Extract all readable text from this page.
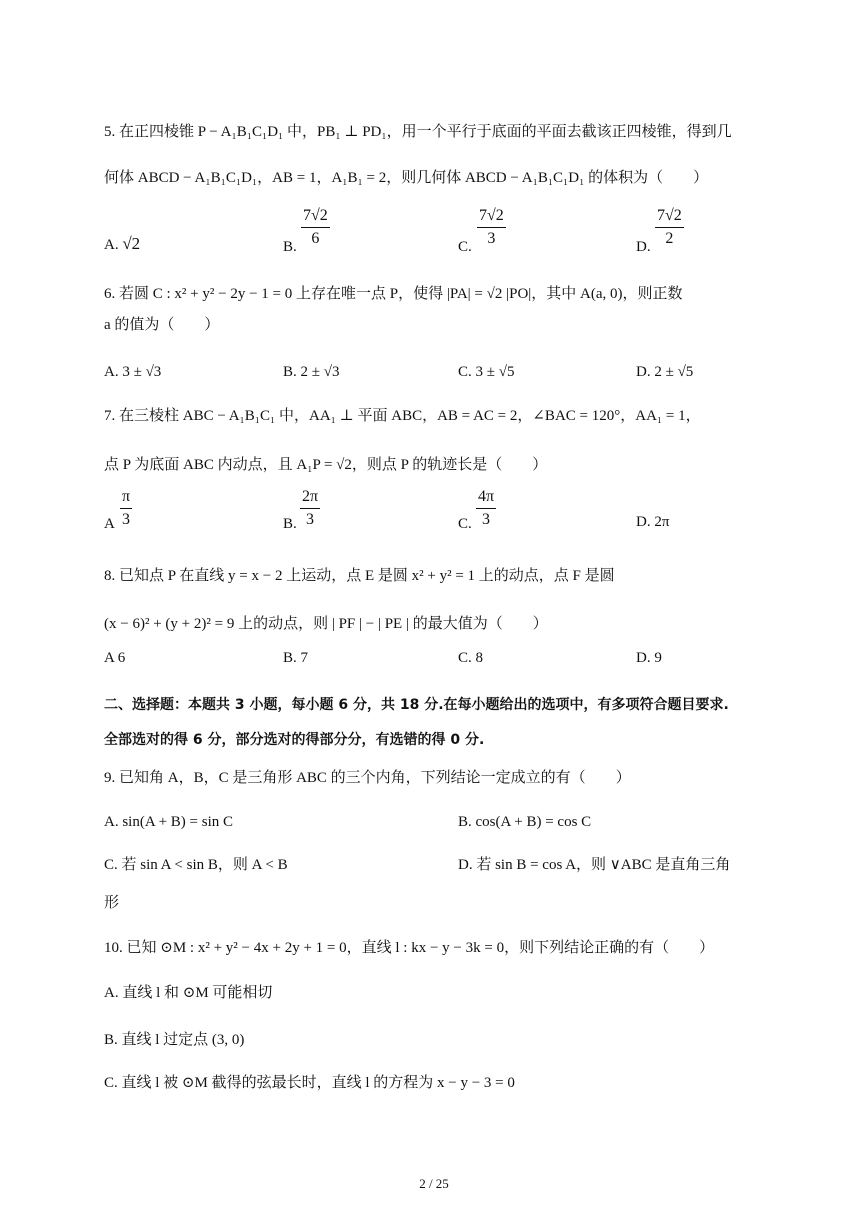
5. 在正四棱锥 P − A₁B₁C₁D₁ 中，PB₁ ⊥ PD₁，用一个平行于底面的平面去截该正四棱锥，得到几
何体 ABCD − A₁B₁C₁D₁，AB = 1，A₁B₁ = 2，则几何体 ABCD − A₁B₁C₁D₁ 的体积为（　　）
A. √2	B. $\frac{7√2}{6}$	C. $\frac{7√2}{3}$	D. $\frac{7√2}{2}$
6. 若圆 C : x² + y² − 2y − 1 = 0 上存在唯一点 P，使得 |PA| = √2 |PO|，其中 A(a, 0)，则正数
a 的值为（　　）
A. 3 ± √3	B. 2 ± √3	C. 3 ± √5	D. 2 ± √5
7. 在三棱柱 ABC − A₁B₁C₁ 中，AA₁ ⊥ 平面 ABC，AB = AC = 2，∠BAC = 120°，AA₁ = 1，
点 P 为底面 ABC 内动点，且 A₁P = √2，则点 P 的轨迹长是（　　）
A $\frac{\pi}{3}$	B. $\frac{2\pi}{3}$	C. $\frac{4\pi}{3}$	D. 2π
8. 已知点 P 在直线 y = x − 2 上运动，点 E 是圆 x² + y² = 1 上的动点，点 F 是圆
(x − 6)² + (y + 2)² = 9 上的动点，则 | PF | − | PE | 的最大值为（　　）
A 6	B. 7	C. 8	D. 9
二、选择题：本题共 3 小题，每小题 6 分，共 18 分.在每小题给出的选项中，有多项符合题目要求.
全部选对的得 6 分，部分选对的得部分分，有选错的得 0 分.
9. 已知角 A，B，C 是三角形 ABC 的三个内角，下列结论一定成立的有（　　）
A. sin(A + B) = sin C	B. cos(A + B) = cos C
C. 若 sin A < sin B，则 A < B	D. 若 sin B = cos A，则 ∨ABC 是直角三角
形
10. 已知 ⊙M : x² + y² − 4x + 2y + 1 = 0，直线 l : kx − y − 3k = 0，则下列结论正确的有（　　）
A. 直线 l 和 ⊙M 可能相切
B. 直线 l 过定点 (3, 0)
C. 直线 l 被 ⊙M 截得的弦最长时，直线 l 的方程为 x − y − 3 = 0
2 / 25
